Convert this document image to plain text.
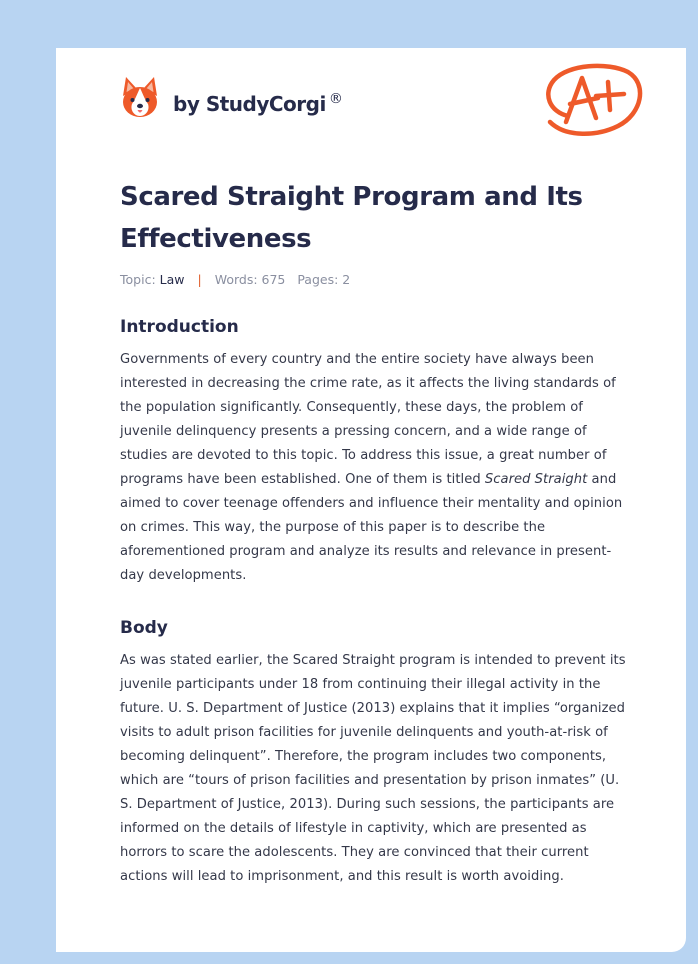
by StudyCorgi ®
Scared Straight Program and Its Effectiveness
Topic: Law | Words: 675 Pages: 2
Introduction

Governments of every country and the entire society have always been interested in decreasing the crime rate, as it affects the living standards of the population significantly. Consequently, these days, the problem of juvenile delinquency presents a pressing concern, and a wide range of studies are devoted to this topic. To address this issue, a great number of programs have been established. One of them is titled Scared Straight and aimed to cover teenage offenders and influence their mentality and opinion on crimes. This way, the purpose of this paper is to describe the aforementioned program and analyze its results and relevance in present-day developments.

Body

As was stated earlier, the Scared Straight program is intended to prevent its juvenile participants under 18 from continuing their illegal activity in the future. U. S. Department of Justice (2013) explains that it implies “organized visits to adult prison facilities for juvenile delinquents and youth-at-risk of becoming delinquent”. Therefore, the program includes two components, which are “tours of prison facilities and presentation by prison inmates” (U. S. Department of Justice, 2013). During such sessions, the participants are informed on the details of lifestyle in captivity, which are presented as horrors to scare the adolescents. They are convinced that their current actions will lead to imprisonment, and this result is worth avoiding.
